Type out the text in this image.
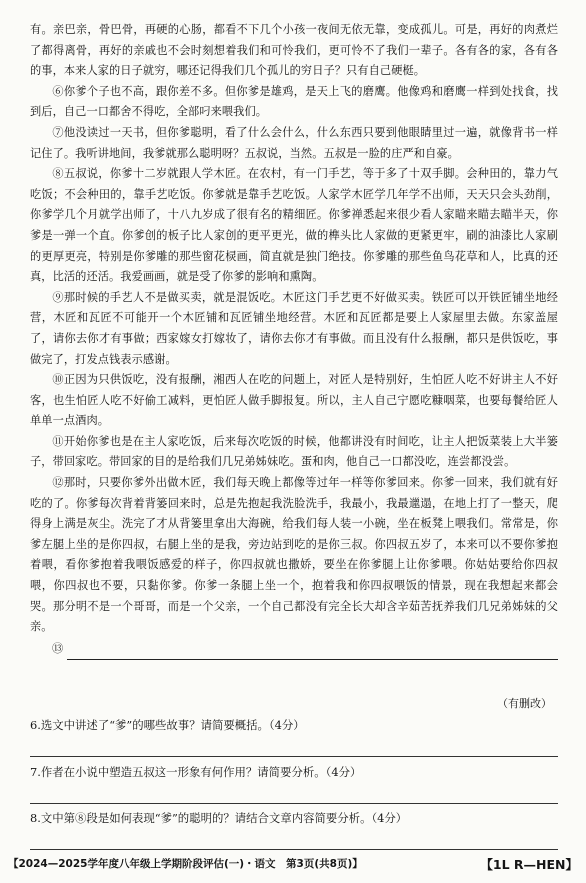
有。亲巴亲，骨巴骨，再硬的心肠，都看不下几个小孩一夜间无依无靠，变成孤儿。可是，再好的肉煮烂了都得离骨，再好的亲戚也不会时刻想着我们和可怜我们，更可怜不了我们一辈子。各有各的家，各有各的事，本来人家的日子就穷，哪还记得我们几个孤儿的穷日子？只有自己硬梃。

⑥你爹个子也不高，跟你差不多。但你爹是雄鸡，是天上飞的磨鹰。他像鸡和磨鹰一样到处找食，找到后，自己一口都舍不得吃，全部叼来喂我们。

⑦他没读过一天书，但你爹聪明，看了什么会什么，什么东西只要到他眼睛里过一遍，就像背书一样记住了。我听讲地间，我爹就那么聪明呀？五叔说，当然。五叔是一脸的庄严和自豪。

⑧五叔说，你爹十二岁就跟人学木匠。在农村，有一门手艺，等于多了十双手脚。会种田的，靠力气吃饭；不会种田的，靠手艺吃饭。你爹就是靠手艺吃饭。人家学木匠学几年学不出师，天天只会头劲削，你爹学几个月就学出师了，十八九岁成了很有名的精细匠。你爹禅悉起来很少看人家瞄来瞄去瞄半天，你爹是一弹一个直。你爹创的板子比人家创的更平更光，做的榫头比人家做的更紧更牢，刷的油漆比人家刷的更厚更亮，特别是你爹雕的那些窗花棂画，简直就是独门绝技。你爹雕的那些鱼鸟花草和人，比真的还真，比活的还活。我爱画画，就是受了你爹的影响和熏陶。

⑨那时候的手艺人不是做买卖，就是混饭吃。木匠这门手艺更不好做买卖。铁匠可以开铁匠铺坐地经营，木匠和瓦匠不可能开一个木匠铺和瓦匠铺坐地经营。木匠和瓦匠都是要上人家屋里去做。东家盖屋了，请你去你才有事做；西家嫁女打嫁妆了，请你去你才有事做。而且没有什么报酬，都只是供饭吃，事做完了，打发点钱表示感谢。

⑩正因为只供饭吃，没有报酬，湘西人在吃的问题上，对匠人是特别好，生怕匠人吃不好讲主人不好客，也生怕匠人吃不好偷工减料，更怕匠人做手脚报复。所以，主人自己宁愿吃糠咽菜，也要每餐给匠人单单一点酒肉。

⑪开始你爹也是在主人家吃饭，后来每次吃饭的时候，他都讲没有时间吃，让主人把饭菜装上大半篓子，带回家吃。带回家的目的是给我们几兄弟姊妹吃。蛋和肉，他自己一口都没吃，连尝都没尝。

⑫那时，只要你爹外出做木匠，我们每天晚上都像等过年一样等你爹回来。你爹一回来，我们就有好吃的了。你爹每次背着背篓回来时，总是先抱起我洗脸洗手，我最小，我最邋遢，在地上打了一整天，爬得身上满是灰尘。洗完了才从背篓里拿出大海碗，给我们每人装一小碗，坐在板凳上喂我们。常常是，你爹左腿上坐的是你四叔，右腿上坐的是我，旁边站到吃的是你三叔。你四叔五岁了，本来可以不要你爹抱着喂，看你爹抱着我喂饭感爱的样子，你四叔就也撒娇，要坐在你爹腿上让你爹喂。你姑姑要给你四叔喂，你四叔也不要，只黏你爹。你爹一条腿上坐一个，抱着我和你四叔喂饭的情景，现在我想起来都会哭。那分明不是一个哥哥，而是一个父亲，一个自己都没有完全长大却含辛茹苦抚养我们几兄弟姊妹的父亲。

⑬
（有删改）
6.选文中讲述了“爹”的哪些故事？请简要概括。（4分）
7.作者在小说中塑造五叔这一形象有何作用？请简要分析。（4分）
8.文中第⑧段是如何表现“爹”的聪明的？请结合文章内容简要分析。（4分）
【2024—2025学年度八年级上学期阶段评估(一)・语文　第3页(共8页)】	【1L R—HEN】
